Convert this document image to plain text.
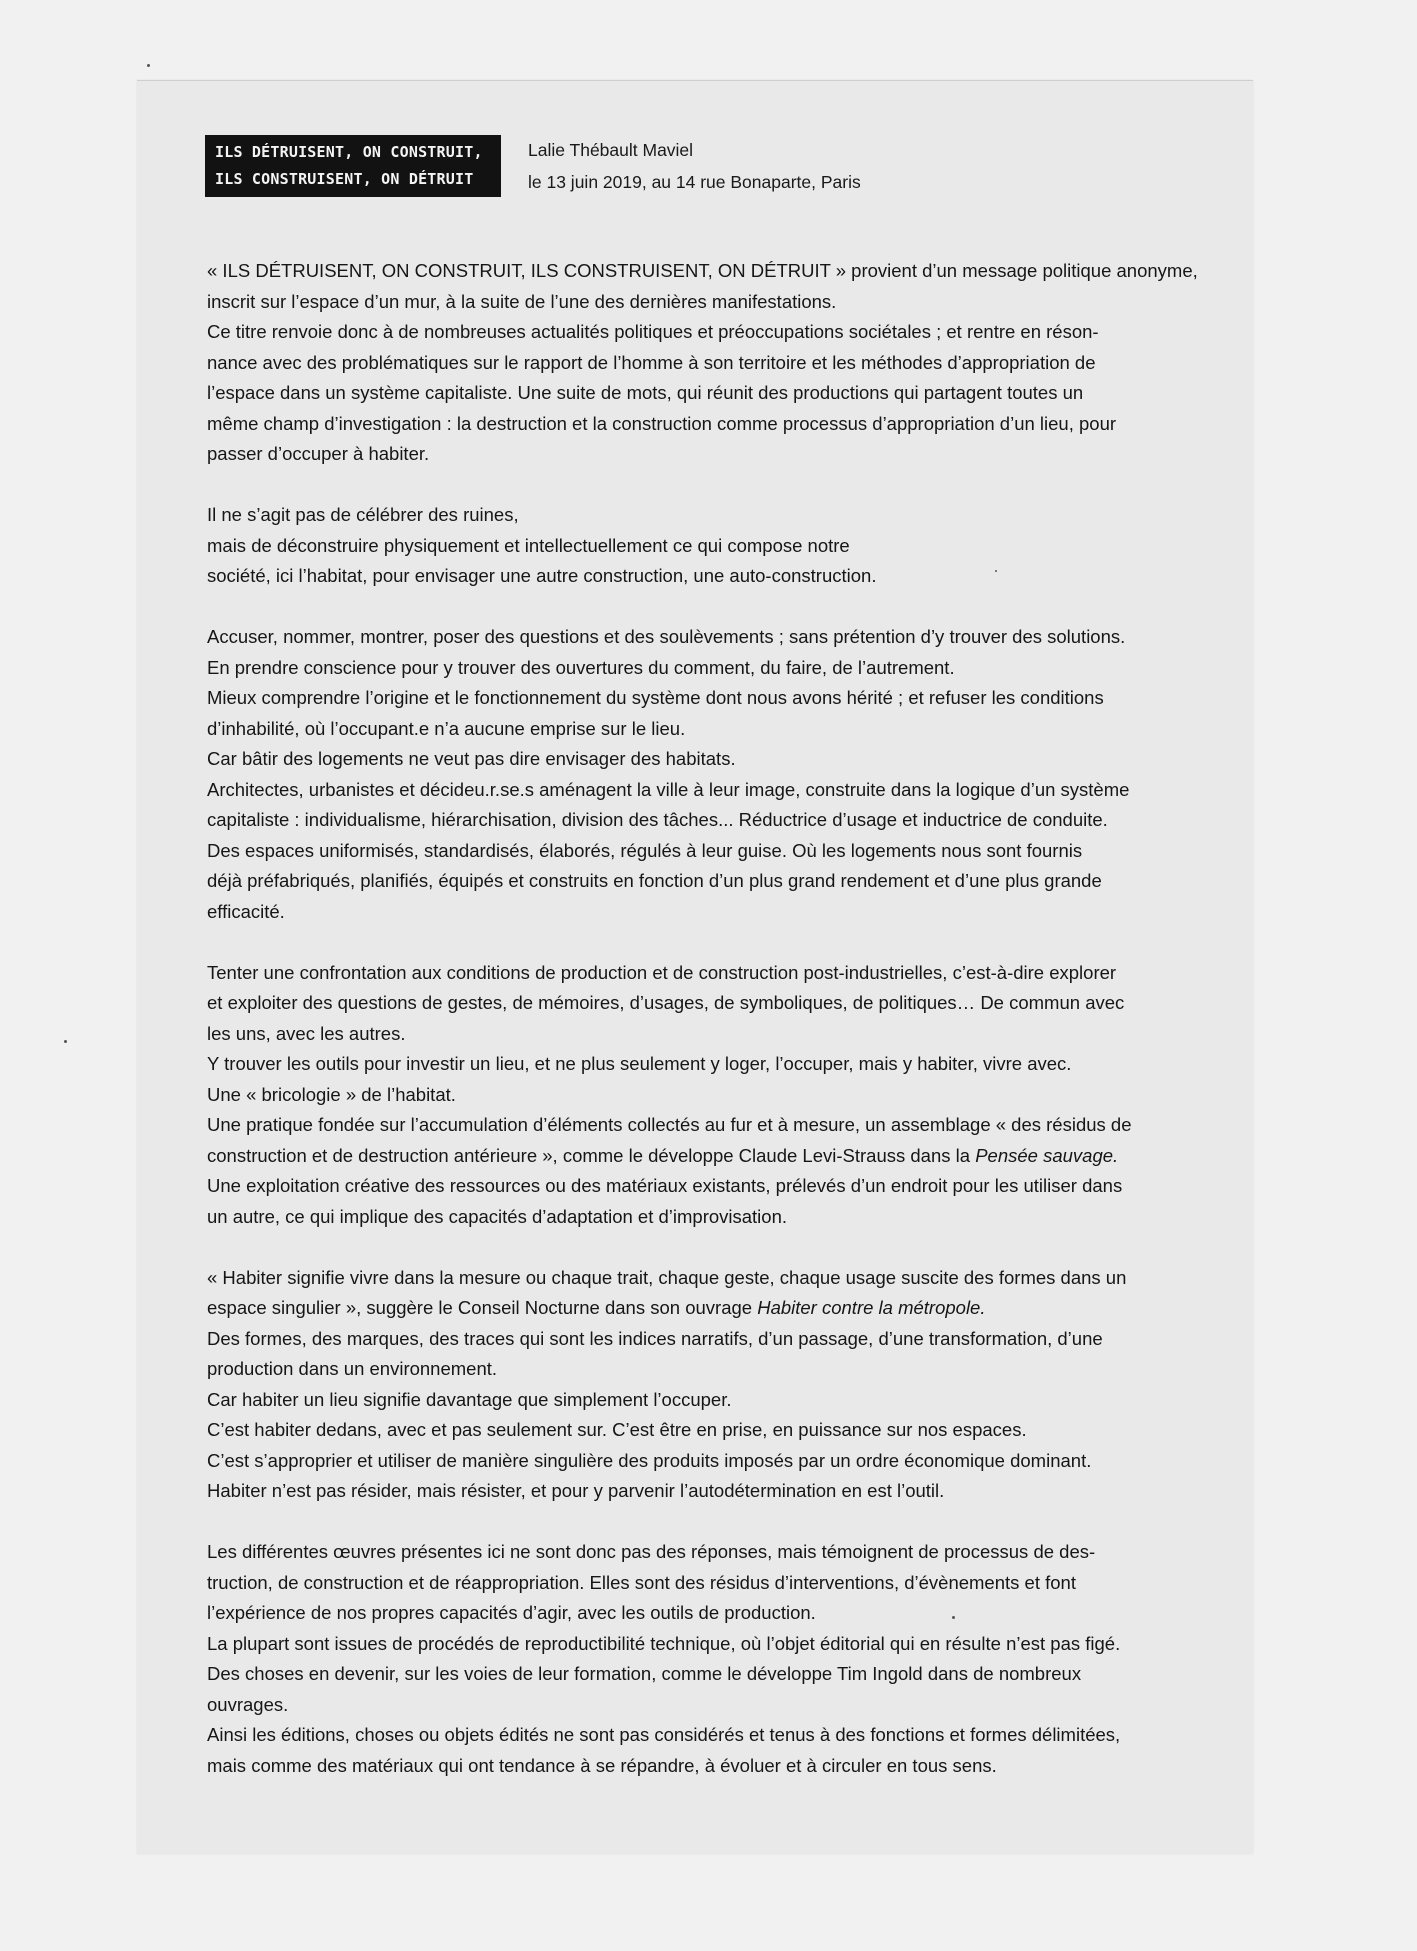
ILS DÉTRUISENT, ON CONSTRUIT,
ILS CONSTRUISENT, ON DÉTRUIT
Lalie Thébault Maviel
le 13 juin 2019, au 14 rue Bonaparte, Paris
« ILS DÉTRUISENT, ON CONSTRUIT, ILS CONSTRUISENT, ON DÉTRUIT » provient d’un message politique anonyme,
inscrit sur l’espace d’un mur, à la suite de l’une des dernières manifestations.
Ce titre renvoie donc à de nombreuses actualités politiques et préoccupations sociétales ; et rentre en réson-
nance avec des problématiques sur le rapport de l’homme à son territoire et les méthodes d’appropriation de
l’espace dans un système capitaliste. Une suite de mots, qui réunit des productions qui partagent toutes un
même champ d’investigation : la destruction et la construction comme processus d’appropriation d’un lieu, pour
passer d’occuper à habiter.
Il ne s’agit pas de célébrer des ruines,
mais de déconstruire physiquement et intellectuellement ce qui compose notre
société, ici l’habitat, pour envisager une autre construction, une auto-construction.
Accuser, nommer, montrer, poser des questions et des soulèvements ; sans prétention d’y trouver des solutions.
En prendre conscience pour y trouver des ouvertures du comment, du faire, de l’autrement.
Mieux comprendre l’origine et le fonctionnement du système dont nous avons hérité ; et refuser les conditions
d’inhabilité, où l’occupant.e n’a aucune emprise sur le lieu.
Car bâtir des logements ne veut pas dire envisager des habitats.
Architectes, urbanistes et décideu.r.se.s aménagent la ville à leur image, construite dans la logique d’un système
capitaliste : individualisme, hiérarchisation, division des tâches... Réductrice d’usage et inductrice de conduite.
Des espaces uniformisés, standardisés, élaborés, régulés à leur guise. Où les logements nous sont fournis
déjà préfabriqués, planifiés, équipés et construits en fonction d’un plus grand rendement et d’une plus grande
efficacité.
Tenter une confrontation aux conditions de production et de construction post-industrielles, c’est-à-dire explorer
et exploiter des questions de gestes, de mémoires, d’usages, de symboliques, de politiques… De commun avec
les uns, avec les autres.
Y trouver les outils pour investir un lieu, et ne plus seulement y loger, l’occuper, mais y habiter, vivre avec.
Une « bricologie » de l’habitat.
Une pratique fondée sur l’accumulation d’éléments collectés au fur et à mesure, un assemblage « des résidus de
construction et de destruction antérieure », comme le développe Claude Levi-Strauss dans la Pensée sauvage.
Une exploitation créative des ressources ou des matériaux existants, prélevés d’un endroit pour les utiliser dans
un autre, ce qui implique des capacités d’adaptation et d’improvisation.
« Habiter signifie vivre dans la mesure ou chaque trait, chaque geste, chaque usage suscite des formes dans un
espace singulier », suggère le Conseil Nocturne dans son ouvrage Habiter contre la métropole.
Des formes, des marques, des traces qui sont les indices narratifs, d’un passage, d’une transformation, d’une
production dans un environnement.
Car habiter un lieu signifie davantage que simplement l’occuper.
C’est habiter dedans, avec et pas seulement sur. C’est être en prise, en puissance sur nos espaces.
C’est s’approprier et utiliser de manière singulière des produits imposés par un ordre économique dominant.
Habiter n’est pas résider, mais résister, et pour y parvenir l’autodétermination en est l’outil.
Les différentes œuvres présentes ici ne sont donc pas des réponses, mais témoignent de processus de des-
truction, de construction et de réappropriation. Elles sont des résidus d’interventions, d’évènements et font
l’expérience de nos propres capacités d’agir, avec les outils de production.
La plupart sont issues de procédés de reproductibilité technique, où l’objet éditorial qui en résulte n’est pas figé.
Des choses en devenir, sur les voies de leur formation, comme le développe Tim Ingold dans de nombreux
ouvrages.
Ainsi les éditions, choses ou objets édités ne sont pas considérés et tenus à des fonctions et formes délimitées,
mais comme des matériaux qui ont tendance à se répandre, à évoluer et à circuler en tous sens.
